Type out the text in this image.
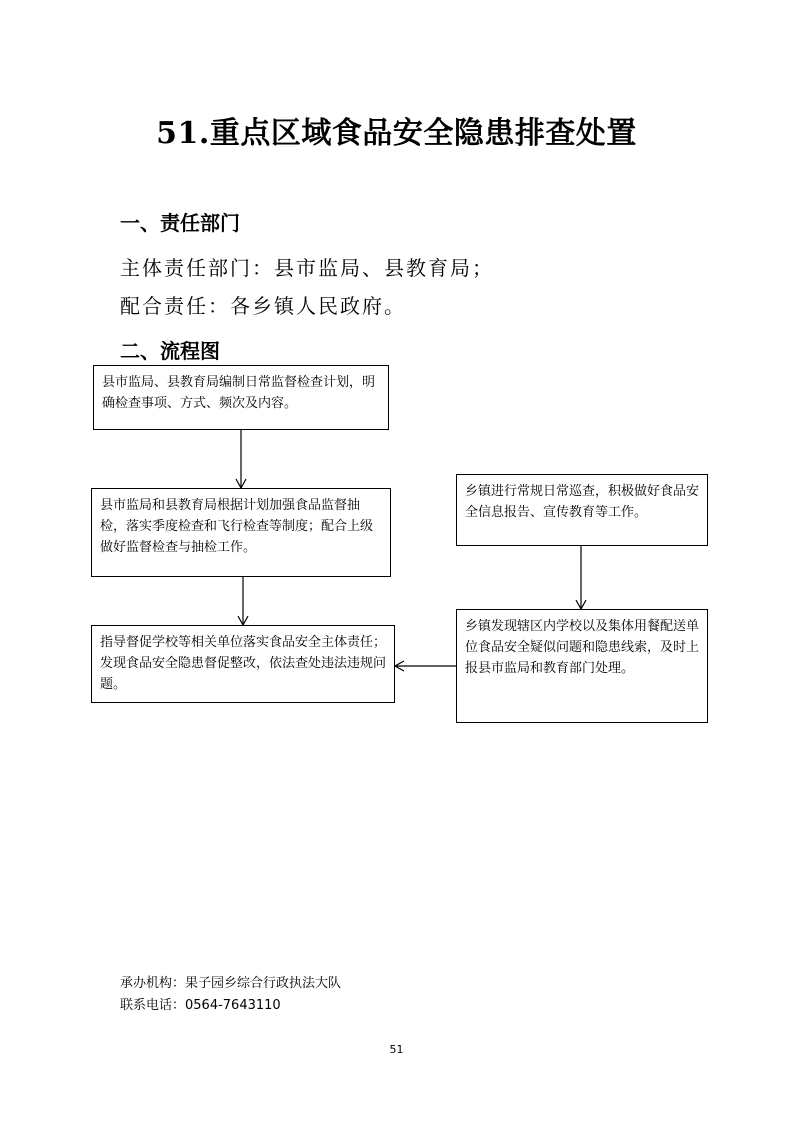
51.重点区域食品安全隐患排查处置
一、责任部门
主体责任部门：县市监局、县教育局；
配合责任：各乡镇人民政府。
二、流程图
县市监局、县教育局编制日常监督检查计划，明确检查事项、方式、频次及内容。
县市监局和县教育局根据计划加强食品监督抽检，落实季度检查和飞行检查等制度；配合上级做好监督检查与抽检工作。
指导督促学校等相关单位落实食品安全主体责任；发现食品安全隐患督促整改，依法查处违法违规问题。
乡镇进行常规日常巡查，积极做好食品安全信息报告、宣传教育等工作。
乡镇发现辖区内学校以及集体用餐配送单位食品安全疑似问题和隐患线索，及时上报县市监局和教育部门处理。
承办机构：果子园乡综合行政执法大队
联系电话：0564-7643110
51
